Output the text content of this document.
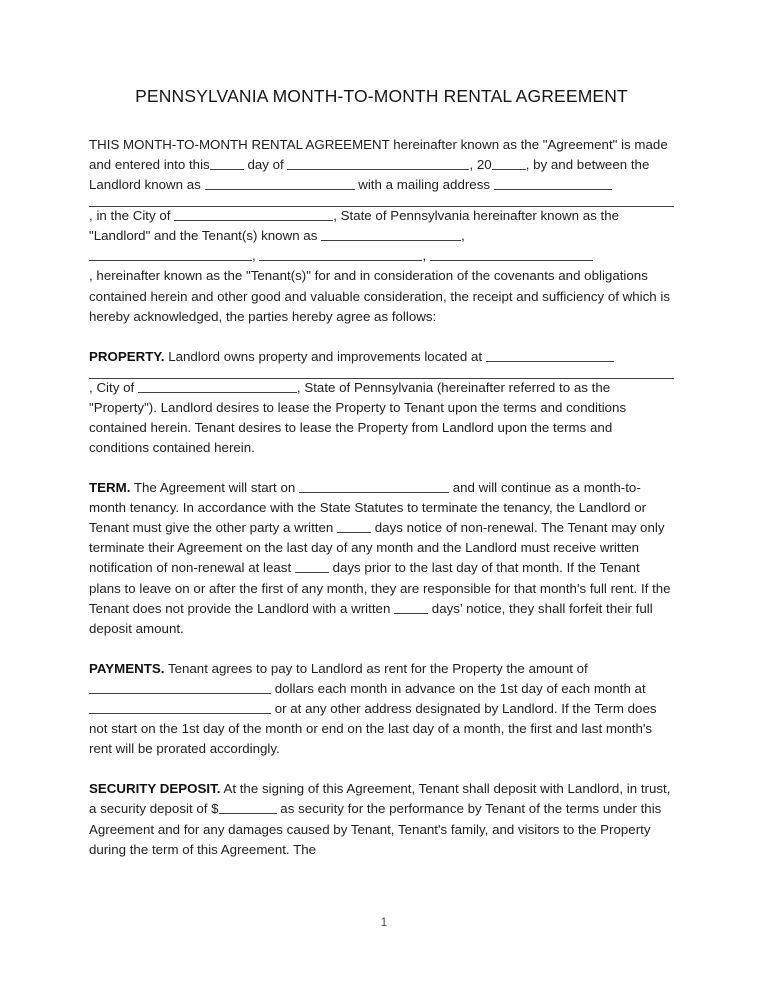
PENNSYLVANIA MONTH-TO-MONTH RENTAL AGREEMENT

THIS MONTH-TO-MONTH RENTAL AGREEMENT hereinafter known as the "Agreement" is made and entered into this	day of	, 20	, by and between the Landlord known as	with a mailing address
, in the City of	, State of Pennsylvania hereinafter known as the "Landlord" and the Tenant(s) known as	,
,	,
, hereinafter known as the "Tenant(s)" for and in consideration of the covenants and obligations contained herein and other good and valuable consideration, the receipt and sufficiency of which is hereby acknowledged, the parties hereby agree as follows:

PROPERTY. Landlord owns property and improvements located at
, City of	, State of Pennsylvania (hereinafter referred to as the "Property"). Landlord desires to lease the Property to Tenant upon the terms and conditions contained herein. Tenant desires to lease the Property from Landlord upon the terms and conditions contained herein.

TERM. The Agreement will start on	and will continue as a month-to-month tenancy. In accordance with the State Statutes to terminate the tenancy, the Landlord or Tenant must give the other party a written	days notice of non-renewal. The Tenant may only terminate their Agreement on the last day of any month and the Landlord must receive written notification of non-renewal at least	days prior to the last day of that month. If the Tenant plans to leave on or after the first of any month, they are responsible for that month's full rent. If the Tenant does not provide the Landlord with a written	days’ notice, they shall forfeit their full deposit amount.

PAYMENTS. Tenant agrees to pay to Landlord as rent for the Property the amount of  dollars each month in advance on the 1st day of each month at  or at any other address designated by Landlord. If the Term does not start on the 1st day of the month or end on the last day of a month, the first and last month's rent will be prorated accordingly.

SECURITY DEPOSIT. At the signing of this Agreement, Tenant shall deposit with Landlord, in trust, a security deposit of $	as security for the performance by Tenant of the terms under this Agreement and for any damages caused by Tenant, Tenant's family, and visitors to the Property during the term of this Agreement. The

1
